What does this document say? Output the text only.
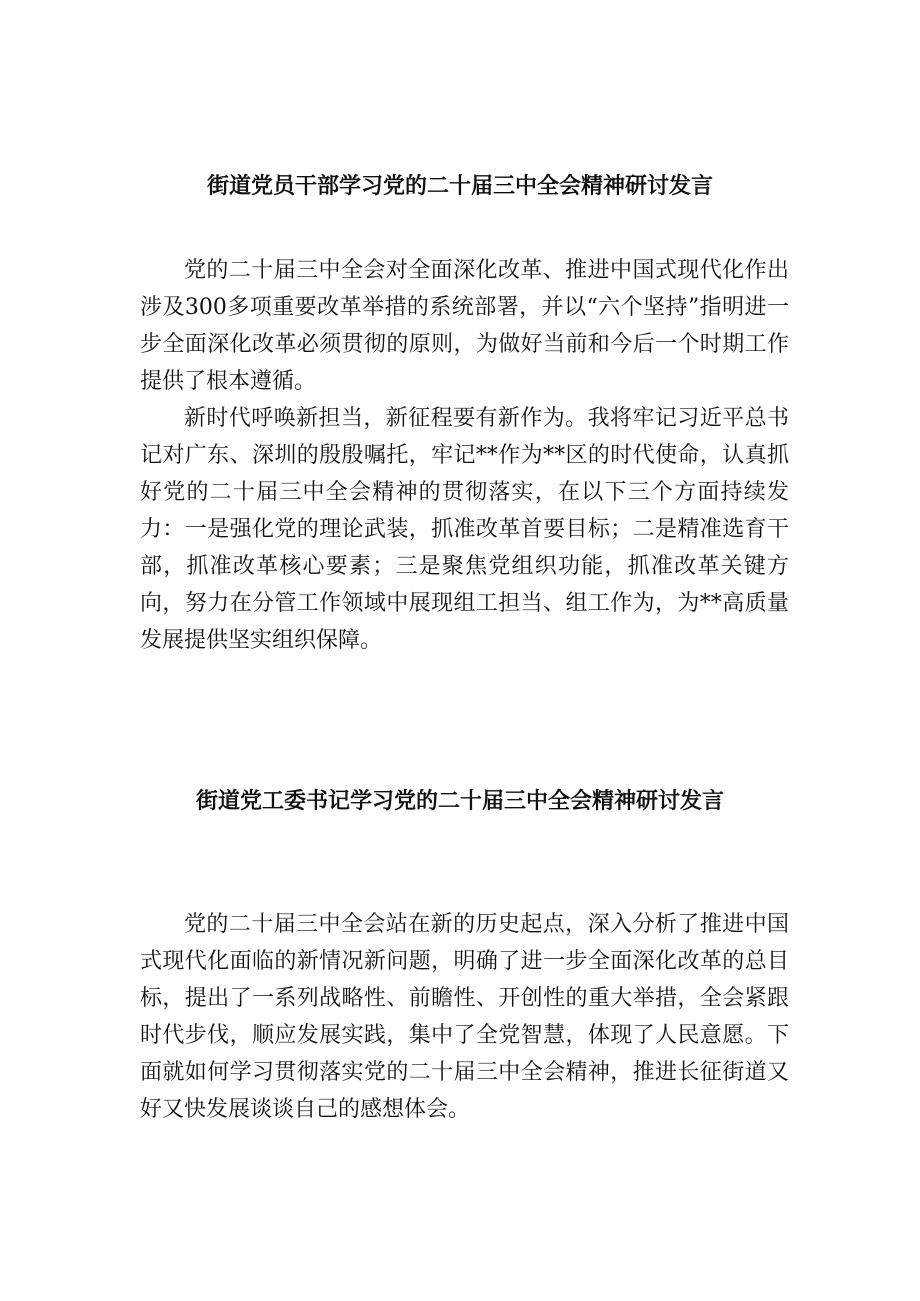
街道党员干部学习党的二十届三中全会精神研讨发言

党的二十届三中全会对全面深化改革、推进中国式现代化作出涉及300多项重要改革举措的系统部署，并以“六个坚持”指明进一步全面深化改革必须贯彻的原则，为做好当前和今后一个时期工作提供了根本遵循。

新时代呼唤新担当，新征程要有新作为。我将牢记习近平总书记对广东、深圳的殷殷嘱托，牢记**作为**区的时代使命，认真抓好党的二十届三中全会精神的贯彻落实，在以下三个方面持续发力：一是强化党的理论武装，抓准改革首要目标；二是精准选育干部，抓准改革核心要素；三是聚焦党组织功能，抓准改革关键方向，努力在分管工作领域中展现组工担当、组工作为，为**高质量发展提供坚实组织保障。

街道党工委书记学习党的二十届三中全会精神研讨发言

党的二十届三中全会站在新的历史起点，深入分析了推进中国式现代化面临的新情况新问题，明确了进一步全面深化改革的总目标，提出了一系列战略性、前瞻性、开创性的重大举措，全会紧跟时代步伐，顺应发展实践，集中了全党智慧，体现了人民意愿。下面就如何学习贯彻落实党的二十届三中全会精神，推进长征街道又好又快发展谈谈自己的感想体会。
